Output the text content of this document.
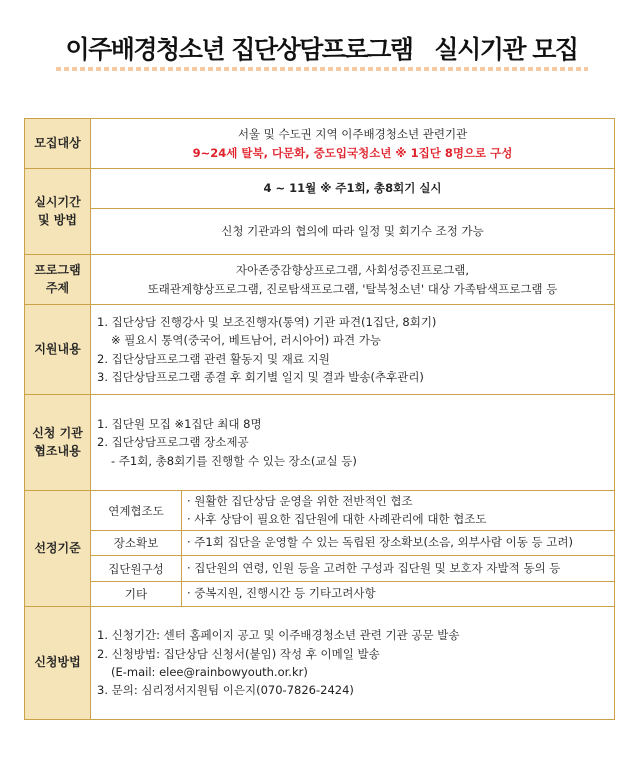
이주배경청소년 집단상담프로그램 실시기관 모집
모집대상
서울 및 수도권 지역 이주배경청소년 관련기관
9~24세 탈북, 다문화, 중도입국청소년 ※ 1집단 8명으로 구성
실시기간
및 방법
4 ~ 11월 ※ 주1회, 총8회기 실시
신청 기관과의 협의에 따라 일정 및 회기수 조정 가능
프로그램
주제
자아존중감향상프로그램, 사회성증진프로그램,
또래관계향상프로그램, 진로탐색프로그램, '탈북청소년' 대상 가족탐색프로그램 등
지원내용
1. 집단상담 진행강사 및 보조진행자(통역) 기관 파견(1집단, 8회기)
※ 필요시 통역(중국어, 베트남어, 러시아어) 파견 가능
2. 집단상담프로그램 관련 활동지 및 재료 지원
3. 집단상담프로그램 종결 후 회기별 일지 및 결과 발송(추후관리)
신청 기관
협조내용
1. 집단원 모집 ※1집단 최대 8명
2. 집단상담프로그램 장소제공
- 주1회, 총8회기를 진행할 수 있는 장소(교실 등)
선정기준
연계협조도
· 원활한 집단상담 운영을 위한 전반적인 협조
· 사후 상담이 필요한 집단원에 대한 사례관리에 대한 협조도
장소확보	· 주1회 집단을 운영할 수 있는 독립된 장소확보(소음, 외부사람 이동 등 고려)
집단원구성 · 집단원의 연령, 인원 등을 고려한 구성과 집단원 및 보호자 자발적 동의 등
기타	· 중복지원, 진행시간 등 기타고려사항
신청방법
1. 신청기간: 센터 홈페이지 공고 및 이주배경청소년 관련 기관 공문 발송
2. 신청방법: 집단상담 신청서(붙임) 작성 후 이메일 발송
(E-mail: elee@rainbowyouth.or.kr)
3. 문의: 심리정서지원팀 이은지(070-7826-2424)
